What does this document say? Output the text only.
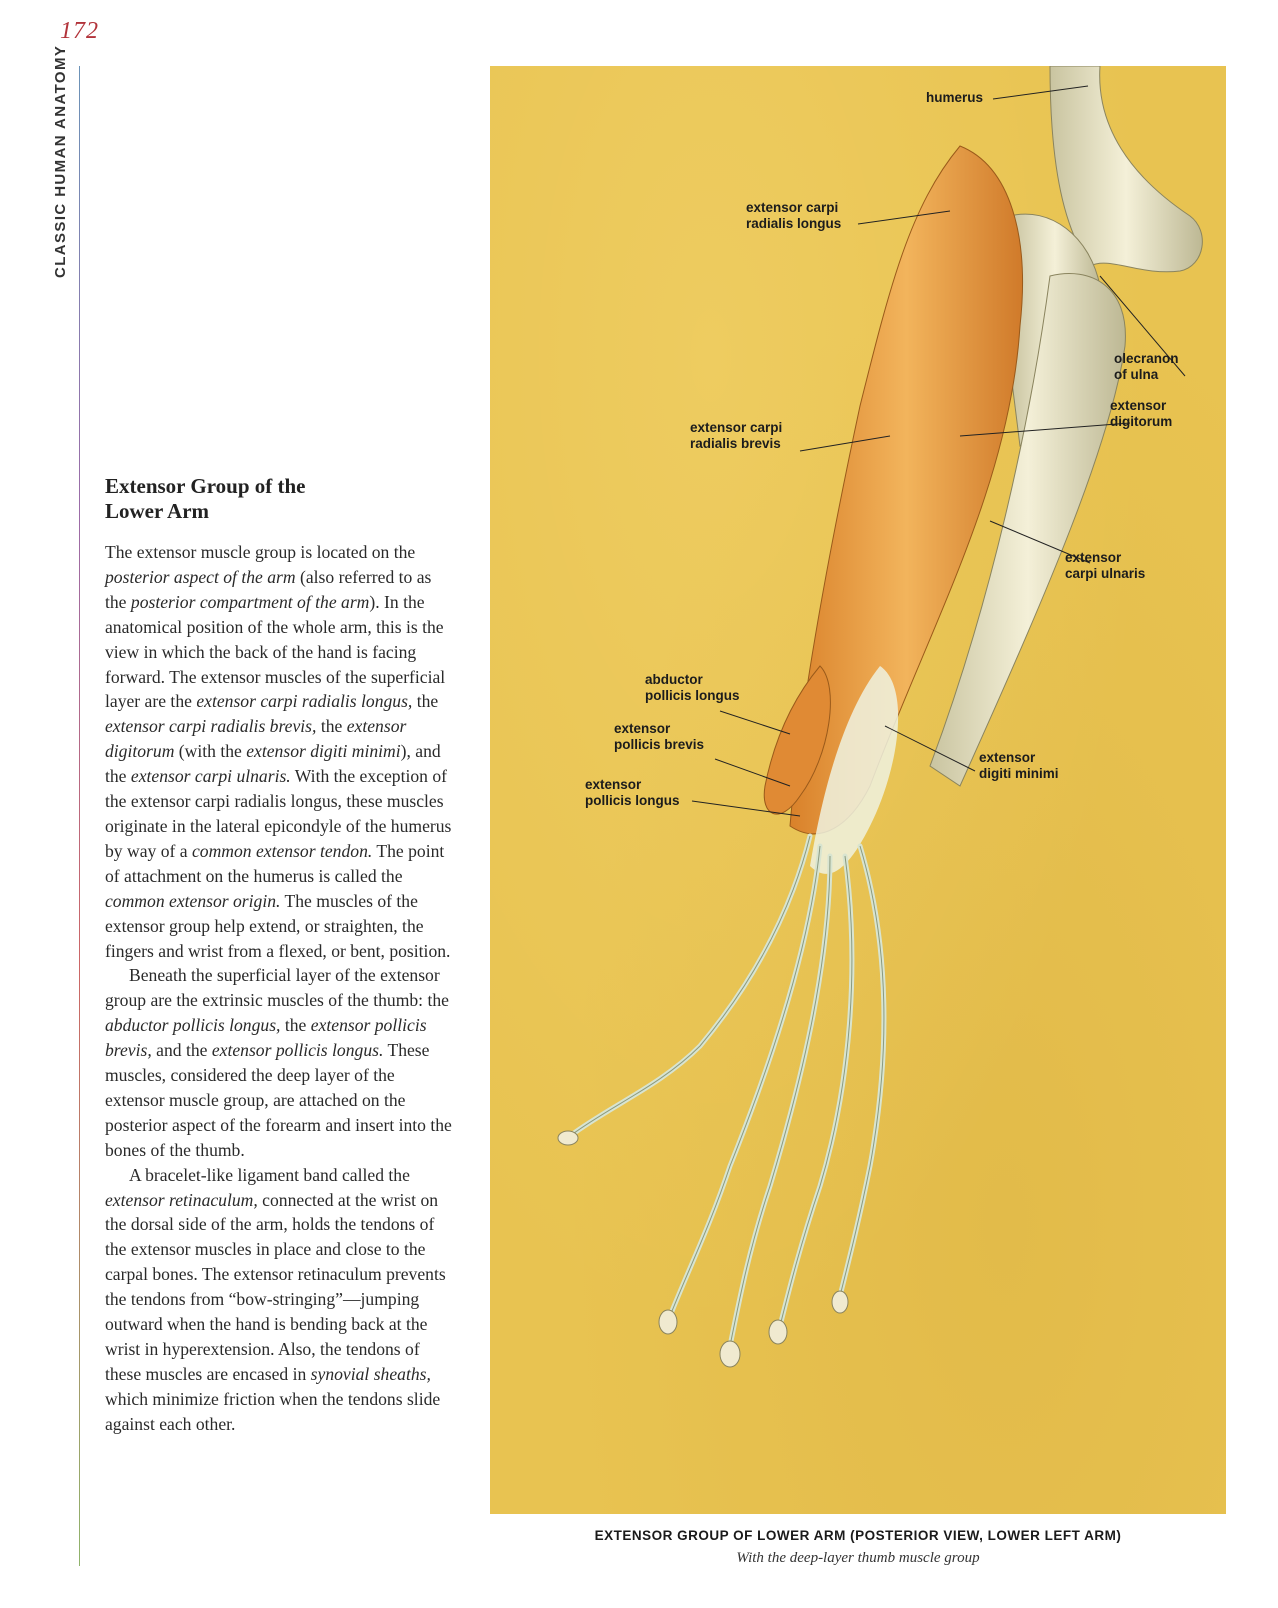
172
CLASSIC HUMAN ANATOMY
Extensor Group of the
Lower Arm

The extensor muscle group is located on the posterior aspect of the arm (also referred to as the posterior compartment of the arm). In the anatomical position of the whole arm, this is the view in which the back of the hand is facing forward. The extensor muscles of the superficial layer are the extensor carpi radialis longus, the extensor carpi radialis brevis, the extensor digitorum (with the extensor digiti minimi), and the extensor carpi ulnaris. With the exception of the extensor carpi radialis longus, these muscles originate in the lateral epicondyle of the humerus by way of a common extensor tendon. The point of attachment on the humerus is called the common extensor origin. The muscles of the extensor group help extend, or straighten, the fingers and wrist from a flexed, or bent, position.

Beneath the superficial layer of the extensor group are the extrinsic muscles of the thumb: the abductor pollicis longus, the extensor pollicis brevis, and the extensor pollicis longus. These muscles, considered the deep layer of the extensor muscle group, are attached on the posterior aspect of the forearm and insert into the bones of the thumb.

A bracelet-like ligament band called the extensor retinaculum, connected at the wrist on the dorsal side of the arm, holds the tendons of the extensor muscles in place and close to the carpal bones. The extensor retinaculum prevents the tendons from “bow-stringing”—jumping outward when the hand is bending back at the wrist in hyperextension. Also, the tendons of these muscles are encased in synovial sheaths, which minimize friction when the tendons slide against each other.

humerus
extensor carpi
radialis longus
olecranon
of ulna
extensor
digitorum
extensor carpi
radialis brevis
extensor
carpi ulnaris
abductor
pollicis longus
extensor
pollicis brevis
extensor
digiti minimi
extensor
pollicis longus
EXTENSOR GROUP OF LOWER ARM (POSTERIOR VIEW, LOWER LEFT ARM)
With the deep-layer thumb muscle group
